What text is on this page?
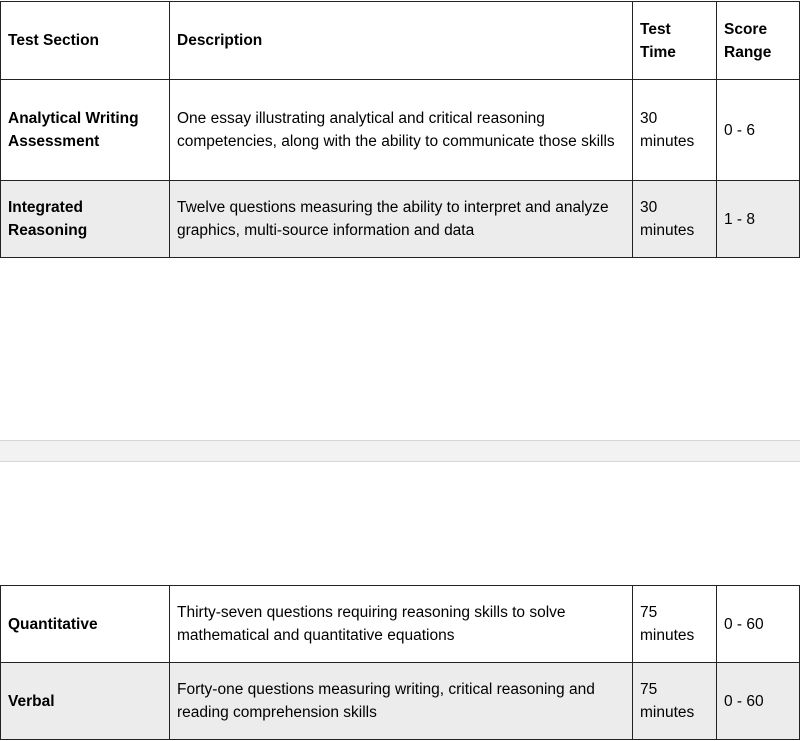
Test Section	Description	Test Time	Score Range
Analytical Writing Assessment	One essay illustrating analytical and critical reasoning competencies, along with the ability to communicate those skills	30 minutes	0 - 6
Integrated Reasoning	Twelve questions measuring the ability to interpret and analyze graphics, multi-source information and data	30 minutes	1 - 8
Quantitative	Thirty-seven questions requiring reasoning skills to solve mathematical and quantitative equations	75 minutes	0 - 60
Verbal	Forty-one questions measuring writing, critical reasoning and reading comprehension skills	75 minutes	0 - 60
